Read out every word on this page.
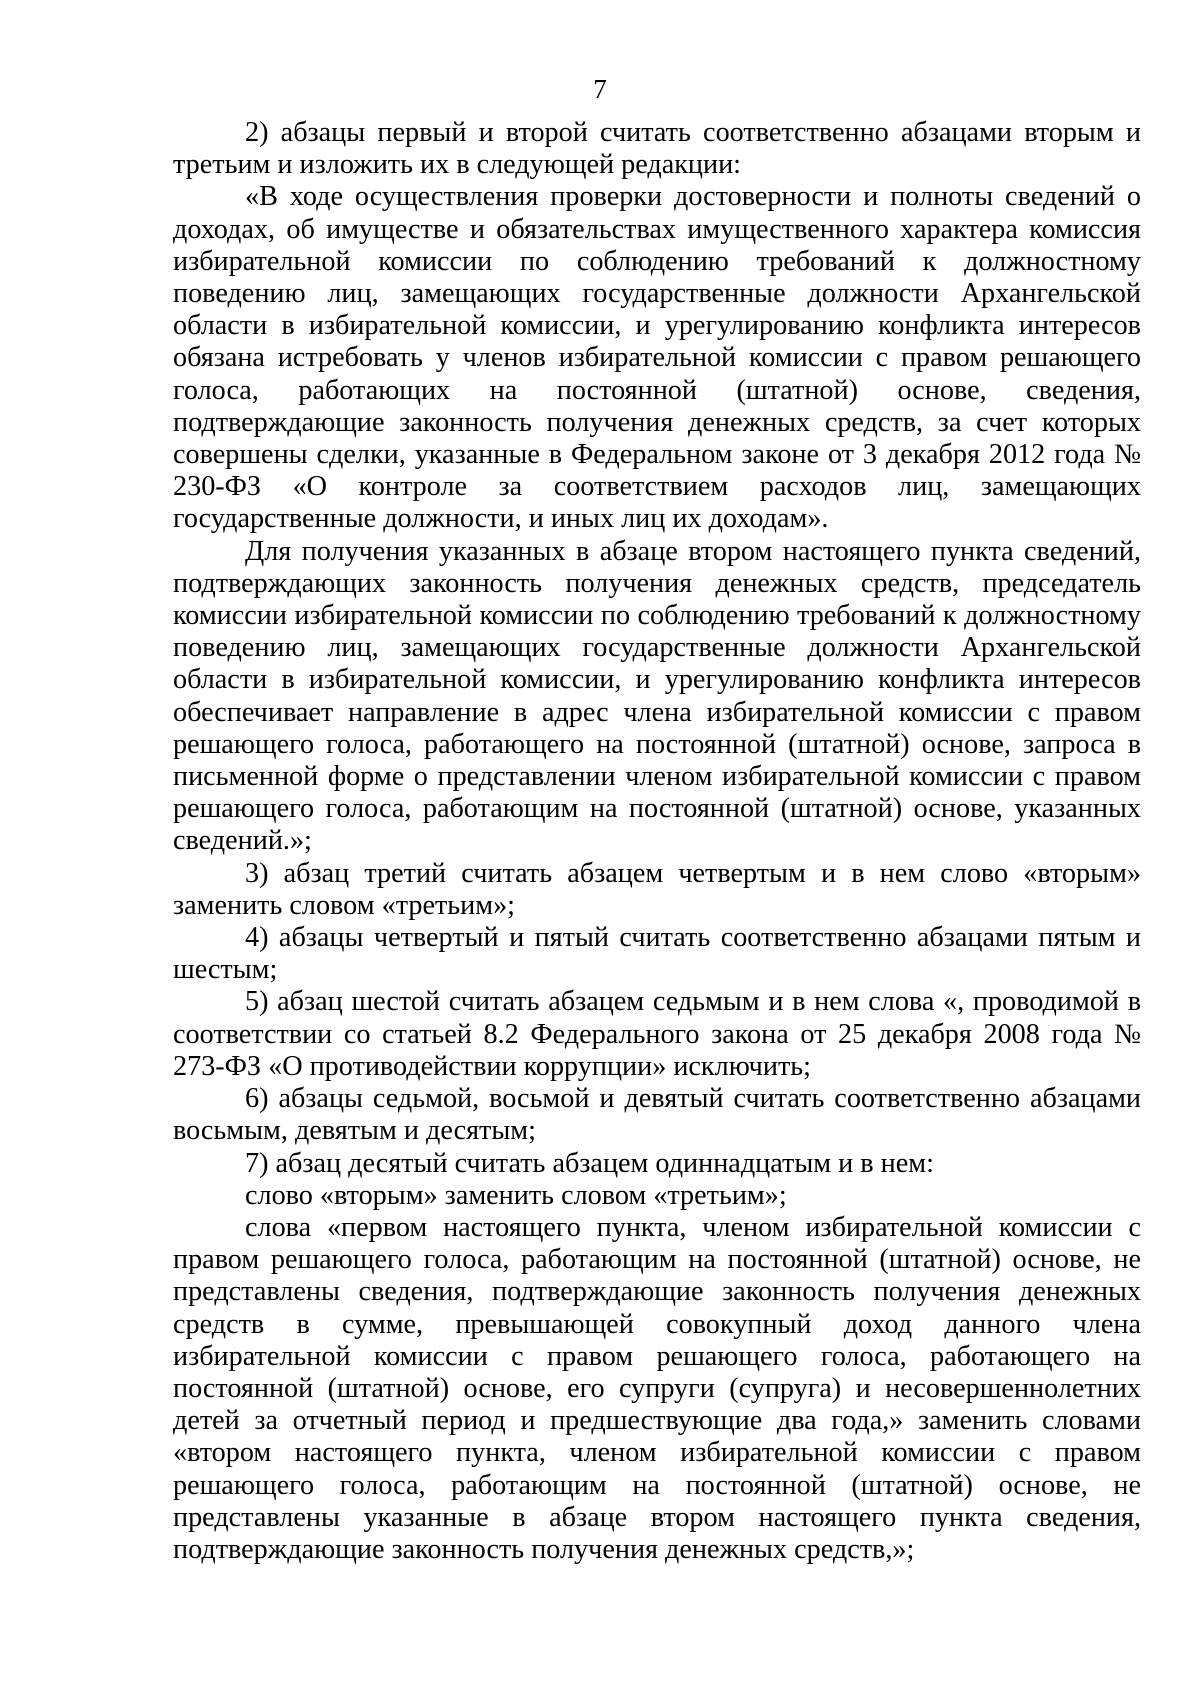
7

2) абзацы первый и второй считать соответственно абзацами вторым и третьим и изложить их в следующей редакции:

«В ходе осуществления проверки достоверности и полноты сведений о доходах, об имуществе и обязательствах имущественного характера комиссия избирательной комиссии по соблюдению требований к должностному поведению лиц, замещающих государственные должности Архангельской области в избирательной комиссии, и урегулированию конфликта интересов обязана истребовать у членов избирательной комиссии с правом решающего голоса, работающих на постоянной (штатной) основе, сведения, подтверждающие законность получения денежных средств, за счет которых совершены сделки, указанные в Федеральном законе от 3 декабря 2012 года № 230-ФЗ «О контроле за соответствием расходов лиц, замещающих государственные должности, и иных лиц их доходам».

Для получения указанных в абзаце втором настоящего пункта сведений, подтверждающих законность получения денежных средств, председатель комиссии избирательной комиссии по соблюдению требований к должностному поведению лиц, замещающих государственные должности Архангельской области в избирательной комиссии, и урегулированию конфликта интересов обеспечивает направление в адрес члена избирательной комиссии с правом решающего голоса, работающего на постоянной (штатной) основе, запроса в письменной форме о представлении членом избирательной комиссии с правом решающего голоса, работающим на постоянной (штатной) основе, указанных сведений.»;

3) абзац третий считать абзацем четвертым и в нем слово «вторым» заменить словом «третьим»;

4) абзацы четвертый и пятый считать соответственно абзацами пятым и шестым;

5) абзац шестой считать абзацем седьмым и в нем слова «, проводимой в соответствии со статьей 8.2 Федерального закона от 25 декабря 2008 года № 273-ФЗ «О противодействии коррупции» исключить;

6) абзацы седьмой, восьмой и девятый считать соответственно абзацами восьмым, девятым и десятым;

7) абзац десятый считать абзацем одиннадцатым и в нем:

слово «вторым» заменить словом «третьим»;

слова «первом настоящего пункта, членом избирательной комиссии с правом решающего голоса, работающим на постоянной (штатной) основе, не представлены сведения, подтверждающие законность получения денежных средств в сумме, превышающей совокупный доход данного члена избирательной комиссии с правом решающего голоса, работающего на постоянной (штатной) основе, его супруги (супруга) и несовершеннолетних детей за отчетный период и предшествующие два года,» заменить словами «втором настоящего пункта, членом избирательной комиссии с правом решающего голоса, работающим на постоянной (штатной) основе, не представлены указанные в абзаце втором настоящего пункта сведения, подтверждающие законность получения денежных средств,»;
